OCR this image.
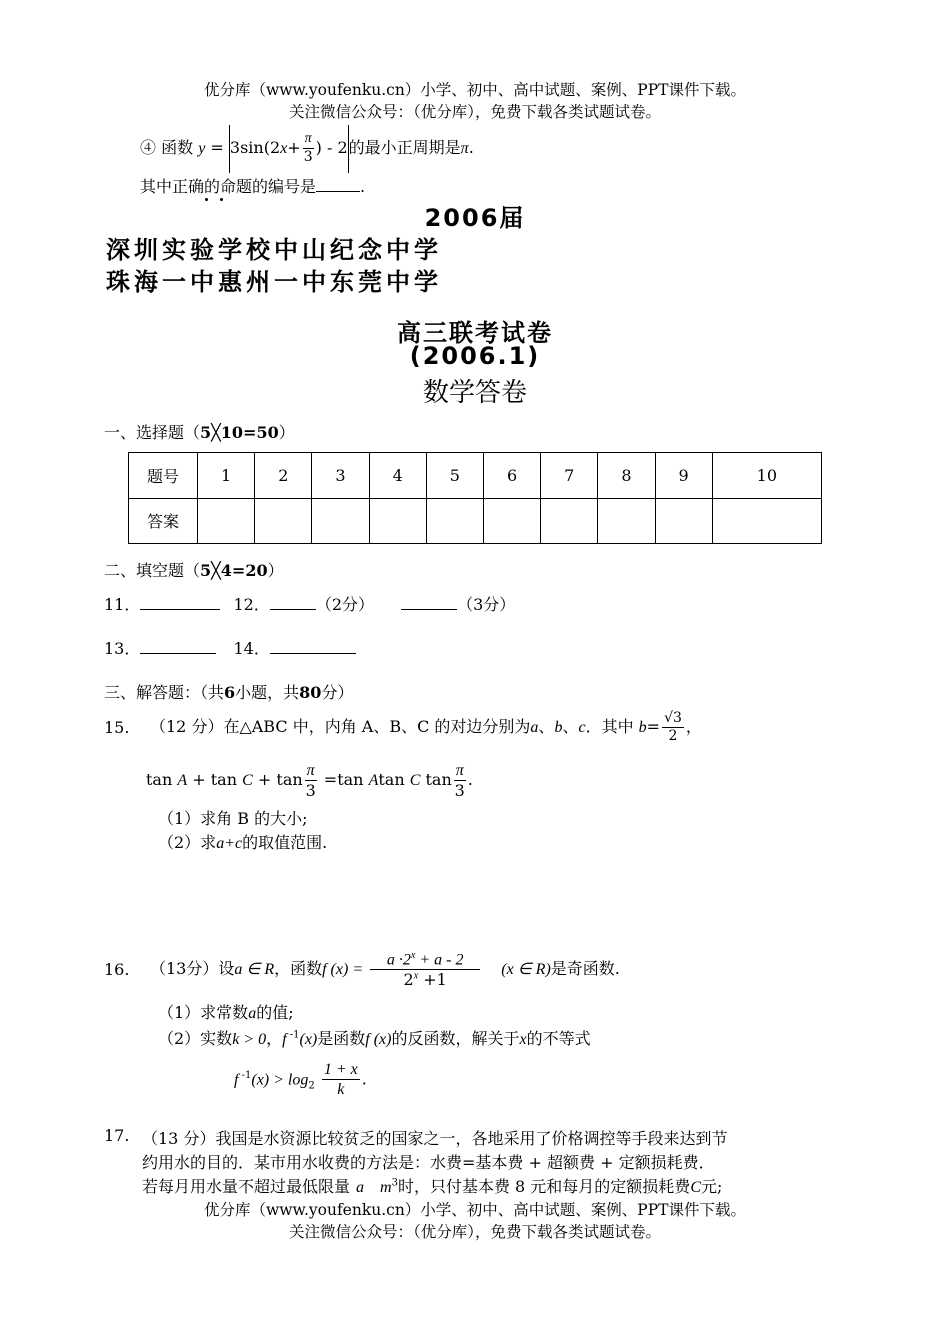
优分库（www.youfenku.cn）小学、初中、高中试题、案例、PPT课件下载。
关注微信公众号：（优分库），免费下载各类试题试卷。
④ 函数 $y = 3\sin(2x+ \frac{\pi}{3}$ ) - 2的最小正周期是π.
其中正确的命题的编号是	.
2006届
深圳实验学校中山纪念中学
珠海一中惠州一中东莞中学
高三联考试卷
(2006.1)
数学答卷
一、选择题（5╳10=50）
题号	1	2	3	4	5	6	7	8	9	10
答案										
二、填空题（5╳4=20）
11．	12．	（2分）	（3分）
13．	14．
三、解答题：（共6小题，共80分）
15. （12 分）在△ABC 中，内角 A、B、C 的对边分别为a、b、c．其中 $b= \frac{√3}{2}$ ，
$\tan A + \tan C + \tan \frac{\pi}{3} =\tan$ Atan C $\tan \frac{\pi}{3}$ .
（1）求角 B 的大小;
（2）求a+c的取值范围.
16. （13分）设a ∈ R，函数f $(x) = \frac{a \cdot 2^x + a - 2}{2^x +1} (x$ ∈ R)是奇函数.
（1）求常数a的值;
（2）实数k > 0，f $^{-1}$(x)是函数f (x)的反函数，解关于x的不等式
f $^{-1}(x) > \log_2 \frac{1 + x}{k}$ .
17. （13 分）我国是水资源比较贫乏的国家之一，各地采用了价格调控等手段来达到节
约用水的目的．某市用水收费的方法是：水费=基本费 + 超额费 + 定额损耗费．
若每月用水量不超过最低限量 a $m^3$时，只付基本费 8 元和每月的定额损耗费C元;
优分库（www.youfenku.cn）小学、初中、高中试题、案例、PPT课件下载。
关注微信公众号：（优分库），免费下载各类试题试卷。
